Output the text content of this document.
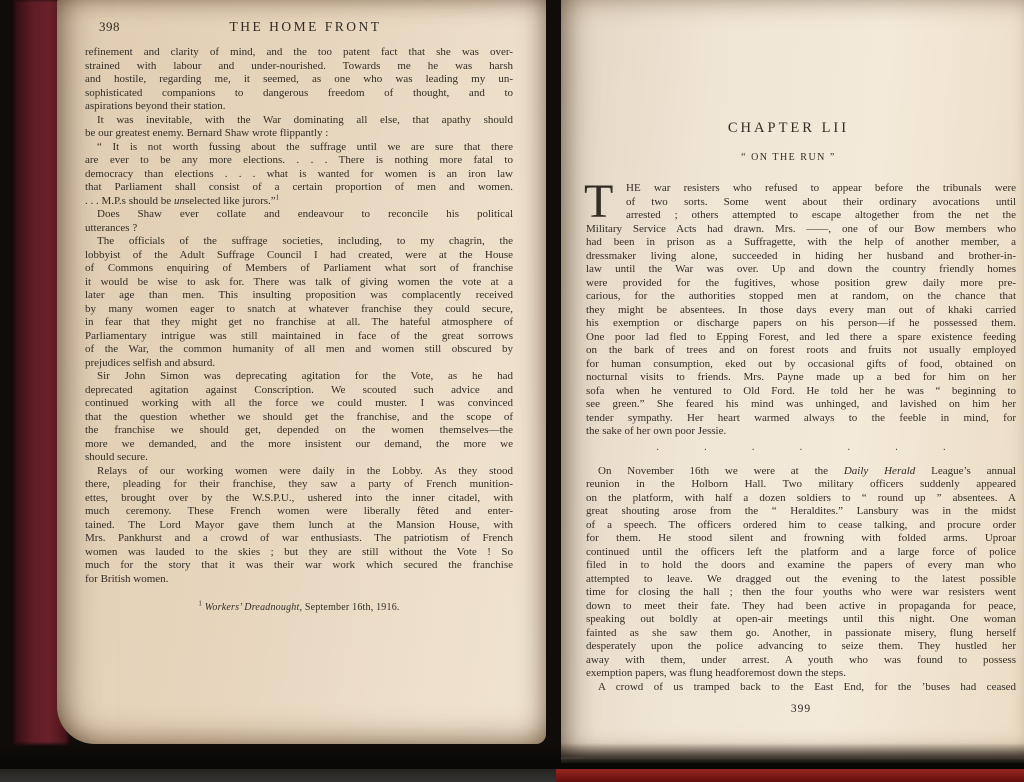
398	THE HOME FRONT
refinement and clarity of mind, and the too patent fact that she was over-
strained with labour and under-nourished. Towards me he was harsh
and hostile, regarding me, it seemed, as one who was leading my un-
sophisticated companions to dangerous freedom of thought, and to
aspirations beyond their station.
It was inevitable, with the War dominating all else, that apathy should
be our greatest enemy. Bernard Shaw wrote flippantly :
“ It is not worth fussing about the suffrage until we are sure that there
are ever to be any more elections. . . . There is nothing more fatal to
democracy than elections . . . what is wanted for women is an iron law
that Parliament shall consist of a certain proportion of men and women.
. . . M.P.s should be unselected like jurors.”$^1$
Does Shaw ever collate and endeavour to reconcile his political
utterances ?
The officials of the suffrage societies, including, to my chagrin, the
lobbyist of the Adult Suffrage Council I had created, were at the House
of Commons enquiring of Members of Parliament what sort of franchise
it would be wise to ask for. There was talk of giving women the vote at a
later age than men. This insulting proposition was complacently received
by many women eager to snatch at whatever franchise they could secure,
in fear that they might get no franchise at all. The hateful atmosphere of
Parliamentary intrigue was still maintained in face of the great sorrows
of the War, the common humanity of all men and women still obscured by
prejudices selfish and absurd.
Sir John Simon was deprecating agitation for the Vote, as he had
deprecated agitation against Conscription. We scouted such advice and
continued working with all the force we could muster. I was convinced
that the question whether we should get the franchise, and the scope of
the franchise we should get, depended on the women themselves—the
more we demanded, and the more insistent our demand, the more we
should secure.
Relays of our working women were daily in the Lobby. As they stood
there, pleading for their franchise, they saw a party of French munition-
ettes, brought over by the W.S.P.U., ushered into the inner citadel, with
much ceremony. These French women were liberally fêted and enter-
tained. The Lord Mayor gave them lunch at the Mansion House, with
Mrs. Pankhurst and a crowd of war enthusiasts. The patriotism of French
women was lauded to the skies ; but they are still without the Vote ! So
much for the story that it was their war work which secured the franchise
for British women.
$^1$ Workers’ Dreadnought, September 16th, 1916.
CHAPTER LII
“ ON THE RUN ”
T	HE war resisters who refused to appear before the tribunals were
of two sorts. Some went about their ordinary avocations until
arrested ; others attempted to escape altogether from the net the
Military Service Acts had drawn. Mrs. ——, one of our Bow members who
had been in prison as a Suffragette, with the help of another member, a
dressmaker living alone, succeeded in hiding her husband and brother-in-
law until the War was over. Up and down the country friendly homes
were provided for the fugitives, whose position grew daily more pre-
carious, for the authorities stopped men at random, on the chance that
they might be absentees. In those days every man out of khaki carried
his exemption or discharge papers on his person—if he possessed them.
One poor lad fled to Epping Forest, and led there a spare existence feeding
on the bark of trees and on forest roots and fruits not usually employed
for human consumption, eked out by occasional gifts of food, obtained on
nocturnal visits to friends. Mrs. Payne made up a bed for him on her
sofa when he ventured to Old Ford. He told her he was “ beginning to
see green.” She feared his mind was unhinged, and lavished on him her
tender sympathy. Her heart warmed always to the feeble in mind, for
the sake of her own poor Jessie.
·	·	·	·	·	·	·
On November 16th we were at the Daily Herald League’s annual
reunion in the Holborn Hall. Two military officers suddenly appeared
on the platform, with half a dozen soldiers to “ round up ” absentees. A
great shouting arose from the “ Heraldites.” Lansbury was in the midst
of a speech. The officers ordered him to cease talking, and procure order
for them. He stood silent and frowning with folded arms. Uproar
continued until the officers left the platform and a large force of police
filed in to hold the doors and examine the papers of every man who
attempted to leave. We dragged out the evening to the latest possible
time for closing the hall ; then the four youths who were war resisters went
down to meet their fate. They had been active in propaganda for peace,
speaking out boldly at open-air meetings until this night. One woman
fainted as she saw them go. Another, in passionate misery, flung herself
desperately upon the police advancing to seize them. They hustled her
away with them, under arrest. A youth who was found to possess
exemption papers, was flung headforemost down the steps.
A crowd of us tramped back to the East End, for the ’buses had ceased
399
